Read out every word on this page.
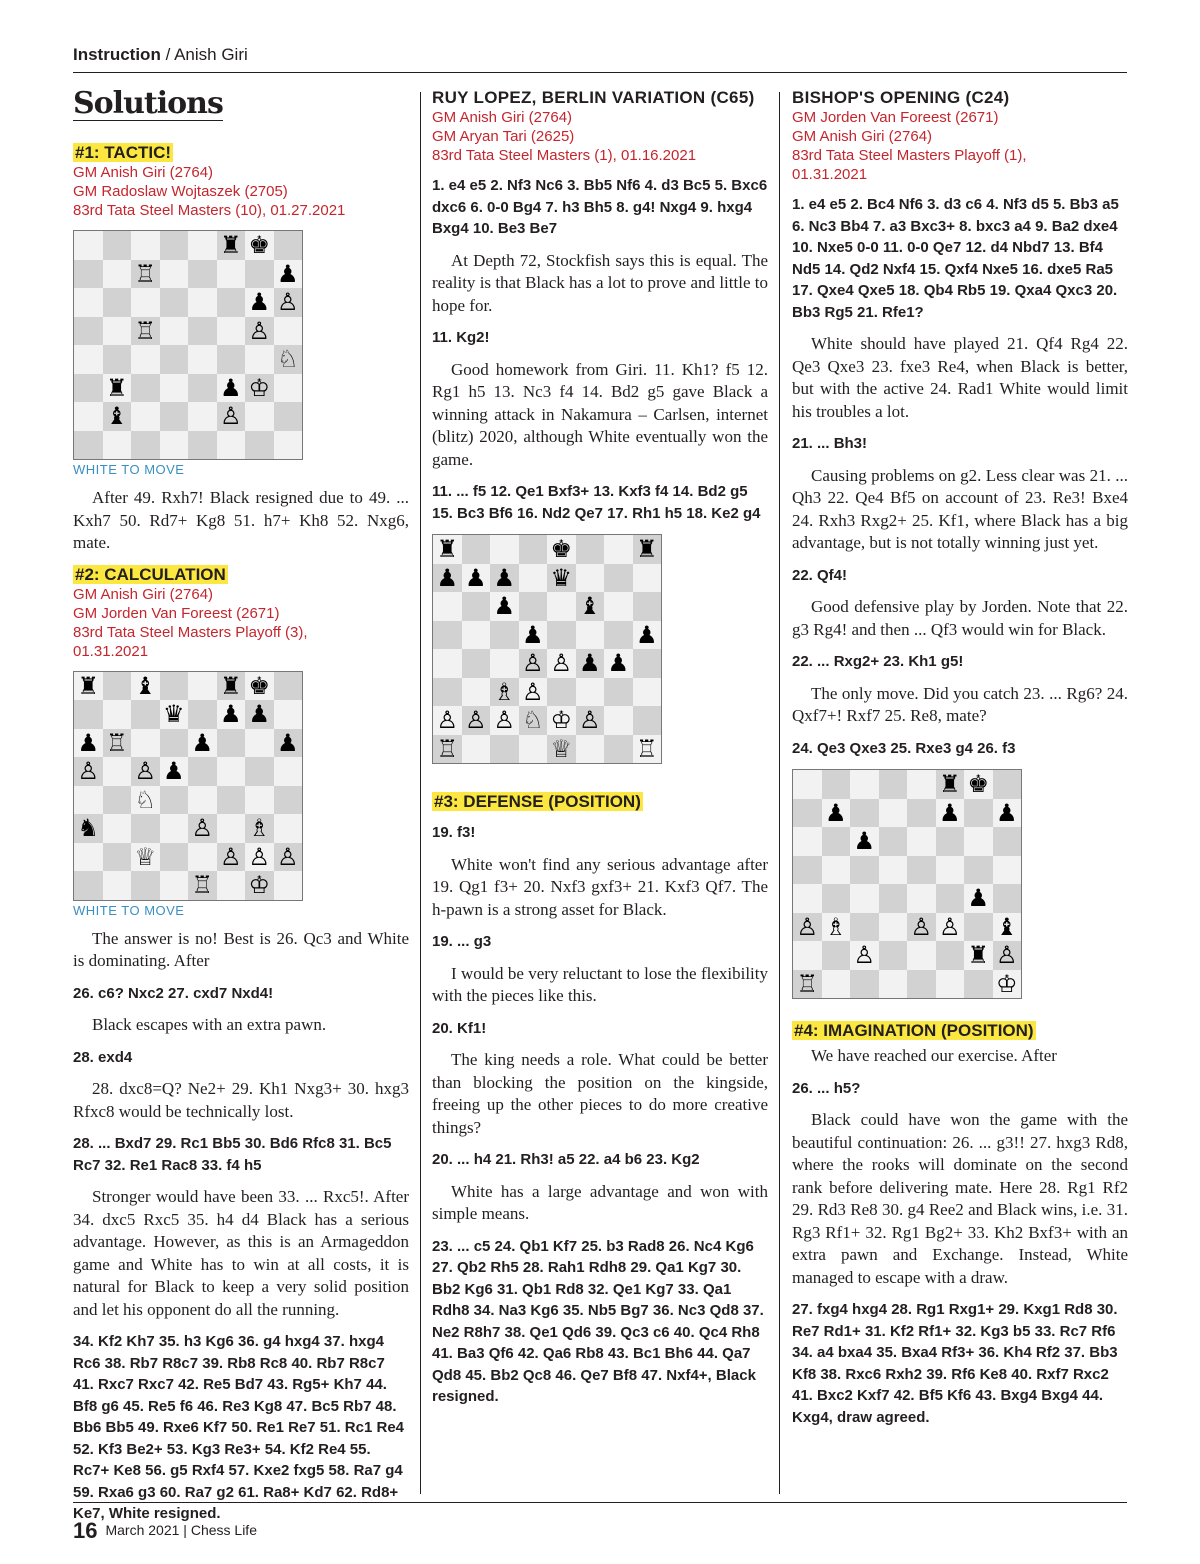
Instruction / Anish Giri
Solutions

#1: TACTIC!

GM Anish Giri (2764)

GM Radoslaw Wojtaszek (2705)

83rd Tata Steel Masters (10), 01.27.2021

♜ ♚
♖	♟
♟ ♙
♖	♙
♘
♜	♟ ♔
♝	♙

WHITE TO MOVE

After 49. Rxh7! Black resigned due to 49. ... Kxh7 50. Rd7+ Kg8 51. h7+ Kh8 52. Nxg6, mate.

#2: CALCULATION

GM Anish Giri (2764)

GM Jorden Van Foreest (2671)

83rd Tata Steel Masters Playoff (3),

01.31.2021

♜ ♝	♜ ♚
♛ ♟ ♟
♟ ♖	♟	♟
♙ ♙ ♟
♘
♞	♙ ♗
♕	♙ ♙ ♙
♖ ♔

WHITE TO MOVE

The answer is no! Best is 26. Qc3 and White is dominating. After

26. c6? Nxc2 27. cxd7 Nxd4!

Black escapes with an extra pawn.

28. exd4

28. dxc8=Q? Ne2+ 29. Kh1 Nxg3+ 30. hxg3 Rfxc8 would be technically lost.

28. ... Bxd7 29. Rc1 Bb5 30. Bd6 Rfc8 31. Bc5 Rc7 32. Re1 Rac8 33. f4 h5

Stronger would have been 33. ... Rxc5!. After 34. dxc5 Rxc5 35. h4 d4 Black has a serious advantage. However, as this is an Armageddon game and White has to win at all costs, it is natural for Black to keep a very solid position and let his opponent do all the running.

34. Kf2 Kh7 35. h3 Kg6 36. g4 hxg4 37. hxg4 Rc6 38. Rb7 R8c7 39. Rb8 Rc8 40. Rb7 R8c7 41. Rxc7 Rxc7 42. Re5 Bd7 43. Rg5+ Kh7 44. Bf8 g6 45. Re5 f6 46. Re3 Kg8 47. Bc5 Rb7 48. Bb6 Bb5 49. Rxe6 Kf7 50. Re1 Re7 51. Rc1 Re4 52. Kf3 Be2+ 53. Kg3 Re3+ 54. Kf2 Re4 55. Rc7+ Ke8 56. g5 Rxf4 57. Kxe2 fxg5 58. Ra7 g4 59. Rxa6 g3 60. Ra7 g2 61. Ra8+ Kd7 62. Rd8+ Ke7, White resigned.

RUY LOPEZ, BERLIN VARIATION (C65)

GM Anish Giri (2764)

GM Aryan Tari (2625)

83rd Tata Steel Masters (1), 01.16.2021

1. e4 e5 2. Nf3 Nc6 3. Bb5 Nf6 4. d3 Bc5 5. Bxc6 dxc6 6. 0-0 Bg4 7. h3 Bh5 8. g4! Nxg4 9. hxg4 Bxg4 10. Be3 Be7

At Depth 72, Stockfish says this is equal. The reality is that Black has a lot to prove and little to hope for.

11. Kg2!

Good homework from Giri. 11. Kh1? f5 12. Rg1 h5 13. Nc3 f4 14. Bd2 g5 gave Black a winning attack in Nakamura – Carlsen, internet (blitz) 2020, although White eventually won the game.

11. ... f5 12. Qe1 Bxf3+ 13. Kxf3 f4 14. Bd2 g5 15. Bc3 Bf6 16. Nd2 Qe7 17. Rh1 h5 18. Ke2 g4

♜	♚	♜
♟ ♟ ♟ ♛
♟	♝
♟	♟
♙ ♙ ♟ ♟
♗ ♙
♙ ♙ ♙ ♘ ♔ ♙
♖	♕	♖

#3: DEFENSE (POSITION)

19. f3!

White won't find any serious advantage after 19. Qg1 f3+ 20. Nxf3 gxf3+ 21. Kxf3 Qf7. The h-pawn is a strong asset for Black.

19. ... g3

I would be very reluctant to lose the flexibility with the pieces like this.

20. Kf1!

The king needs a role. What could be better than blocking the position on the kingside, freeing up the other pieces to do more creative things?

20. ... h4 21. Rh3! a5 22. a4 b6 23. Kg2

White has a large advantage and won with simple means.

23. ... c5 24. Qb1 Kf7 25. b3 Rad8 26. Nc4 Kg6 27. Qb2 Rh5 28. Rah1 Rdh8 29. Qa1 Kg7 30. Bb2 Kg6 31. Qb1 Rd8 32. Qe1 Kg7 33. Qa1 Rdh8 34. Na3 Kg6 35. Nb5 Bg7 36. Nc3 Qd8 37. Ne2 R8h7 38. Qe1 Qd6 39. Qc3 c6 40. Qc4 Rh8 41. Ba3 Qf6 42. Qa6 Rb8 43. Bc1 Bh6 44. Qa7 Qd8 45. Bb2 Qc8 46. Qe7 Bf8 47. Nxf4+, Black resigned.

BISHOP'S OPENING (C24)

GM Jorden Van Foreest (2671)

GM Anish Giri (2764)

83rd Tata Steel Masters Playoff (1),

01.31.2021

1. e4 e5 2. Bc4 Nf6 3. d3 c6 4. Nf3 d5 5. Bb3 a5 6. Nc3 Bb4 7. a3 Bxc3+ 8. bxc3 a4 9. Ba2 dxe4 10. Nxe5 0-0 11. 0-0 Qe7 12. d4 Nbd7 13. Bf4 Nd5 14. Qd2 Nxf4 15. Qxf4 Nxe5 16. dxe5 Ra5 17. Qxe4 Qxe5 18. Qb4 Rb5 19. Qxa4 Qxc3 20. Bb3 Rg5 21. Rfe1?

White should have played 21. Qf4 Rg4 22. Qe3 Qxe3 23. fxe3 Re4, when Black is better, but with the active 24. Rad1 White would limit his troubles a lot.

21. ... Bh3!

Causing problems on g2. Less clear was 21. ... Qh3 22. Qe4 Bf5 on account of 23. Re3! Bxe4 24. Rxh3 Rxg2+ 25. Kf1, where Black has a big advantage, but is not totally winning just yet.

22. Qf4!

Good defensive play by Jorden. Note that 22. g3 Rg4! and then ... Qf3 would win for Black.

22. ... Rxg2+ 23. Kh1 g5!

The only move. Did you catch 23. ... Rg6? 24. Qxf7+! Rxf7 25. Re8, mate?

24. Qe3 Qxe3 25. Rxe3 g4 26. f3

♜ ♚
♟	♟ ♟
♟
♟
♙ ♗	♙ ♙ ♝
♙	♜ ♙
♖	♔

#4: IMAGINATION (POSITION)

We have reached our exercise. After

26. ... h5?

Black could have won the game with the beautiful continuation: 26. ... g3!! 27. hxg3 Rd8, where the rooks will dominate on the second rank before delivering mate. Here 28. Rg1 Rf2 29. Rd3 Re8 30. g4 Ree2 and Black wins, i.e. 31. Rg3 Rf1+ 32. Rg1 Bg2+ 33. Kh2 Bxf3+ with an extra pawn and Exchange. Instead, White managed to escape with a draw.

27. fxg4 hxg4 28. Rg1 Rxg1+ 29. Kxg1 Rd8 30. Re7 Rd1+ 31. Kf2 Rf1+ 32. Kg3 b5 33. Rc7 Rf6 34. a4 bxa4 35. Bxa4 Rf3+ 36. Kh4 Rf2 37. Bb3 Kf8 38. Rxc6 Rxh2 39. Rf6 Ke8 40. Rxf7 Rxc2 41. Bxc2 Kxf7 42. Bf5 Kf6 43. Bxg4 Bxg4 44. Kxg4, draw agreed.

16 March 2021 | Chess Life
